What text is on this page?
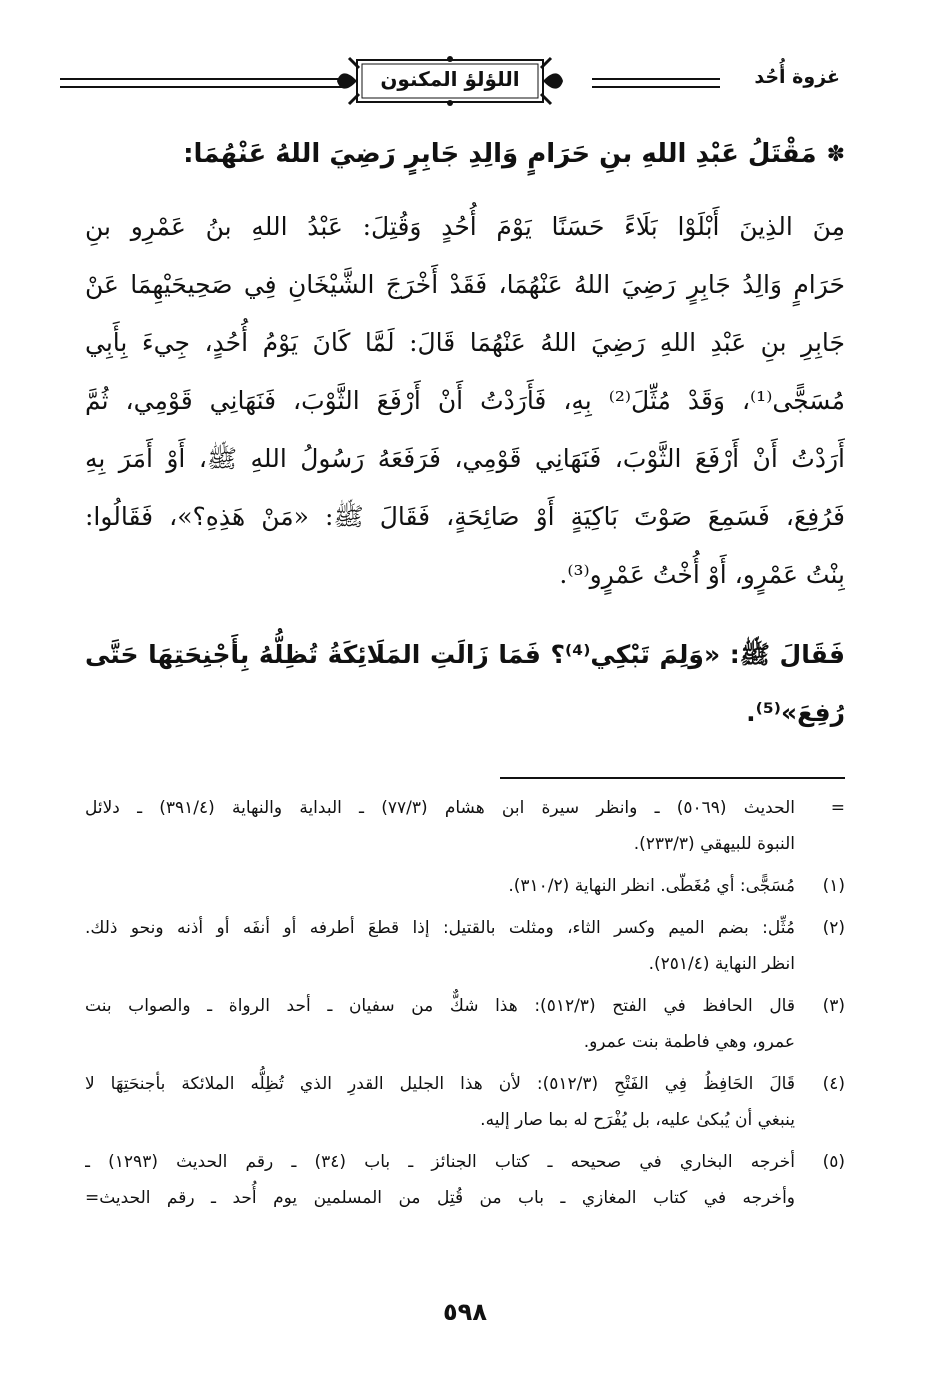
غزوة أُحُد
اللؤلؤ المكنون
✽مَقْتَلُ عَبْدِ اللهِ بنِ حَرَامٍ وَالِدِ جَابِرٍ رَضِيَ اللهُ عَنْهُمَا:
مِنَ الذِينَ أَبْلَوْا بَلَاءً حَسَنًا يَوْمَ أُحُدٍ وَقُتِلَ: عَبْدُ اللهِ بنُ عَمْرِو بنِ
حَرَامٍ وَالِدُ جَابِرٍ رَضِيَ اللهُ عَنْهُمَا، فَقَدْ أَخْرَجَ الشَّيْخَانِ فِي صَحِيحَيْهِمَا عَنْ
جَابِرِ بنِ عَبْدِ اللهِ رَضِيَ اللهُ عَنْهُمَا قَالَ: لَمَّا كَانَ يَوْمُ أُحُدٍ، جِيءَ بِأَبِي
مُسَجًّى⁽¹⁾، وَقَدْ مُثِّلَ⁽²⁾ بِهِ، فَأَرَدْتُ أَنْ أَرْفَعَ الثَّوْبَ، فَنَهَانِي قَوْمِي، ثُمَّ
أَرَدْتُ أَنْ أَرْفَعَ الثَّوْبَ، فَنَهَانِي قَوْمِي، فَرَفَعَهُ رَسُولُ اللهِ ﷺ، أَوْ أَمَرَ بِهِ
فَرُفِعَ، فَسَمِعَ صَوْتَ بَاكِيَةٍ أَوْ صَائِحَةٍ، فَقَالَ ﷺ: «مَنْ هَذِهِ؟»، فَقَالُوا:
بِنْتُ عَمْرٍو، أَوْ أُخْتُ عَمْرٍو⁽³⁾.
فَقَالَ ﷺ: «وَلِمَ تَبْكِي⁽⁴⁾؟ فَمَا زَالَتِ المَلَائِكَةُ تُظِلُّهُ بِأَجْنِحَتِهَا حَتَّى
رُفِعَ»⁽⁵⁾.
=
الحديث (٥٠٦٩) ـ وانظر سيرة ابن هشام (٧٧/٣) ـ البداية والنهاية (٣٩١/٤) ـ دلائل
النبوة للبيهقي (٢٣٣/٣).
(١)
مُسَجًّى: أي مُغَطّى. انظر النهاية (٣١٠/٢).
(٢)
مُثِّل: بضم الميم وكسر الثاء، ومثلت بالقتيل: إذا قطعَ أطرفه أو أنفَه أو أذنه ونحو ذلك.
انظر النهاية (٢٥١/٤).
(٣)
قال الحافظ في الفتح (٥١٢/٣): هذا شكٌّ من سفيان ـ أحد الرواة ـ والصواب بنت
عمرو، وهي فاطمة بنت عمرو.
(٤)
قَالَ الحَافِظُ فِي الفَتْحِ (٥١٢/٣): لأن هذا الجليل القدرِ الذي تُظِلُّه الملائكة بأجنحَتِهَا لا
ينبغي أن يُبكىٰ عليه، بل يُفْرَح له بما صار إليه.
(٥)
أخرجه البخاري في صحيحه ـ كتاب الجنائز ـ باب (٣٤) ـ رقم الحديث (١٢٩٣) ـ
وأخرجه في كتاب المغازي ـ باب من قُتِل من المسلمين يوم أُحد ـ رقم الحديث=
٥٩٨
